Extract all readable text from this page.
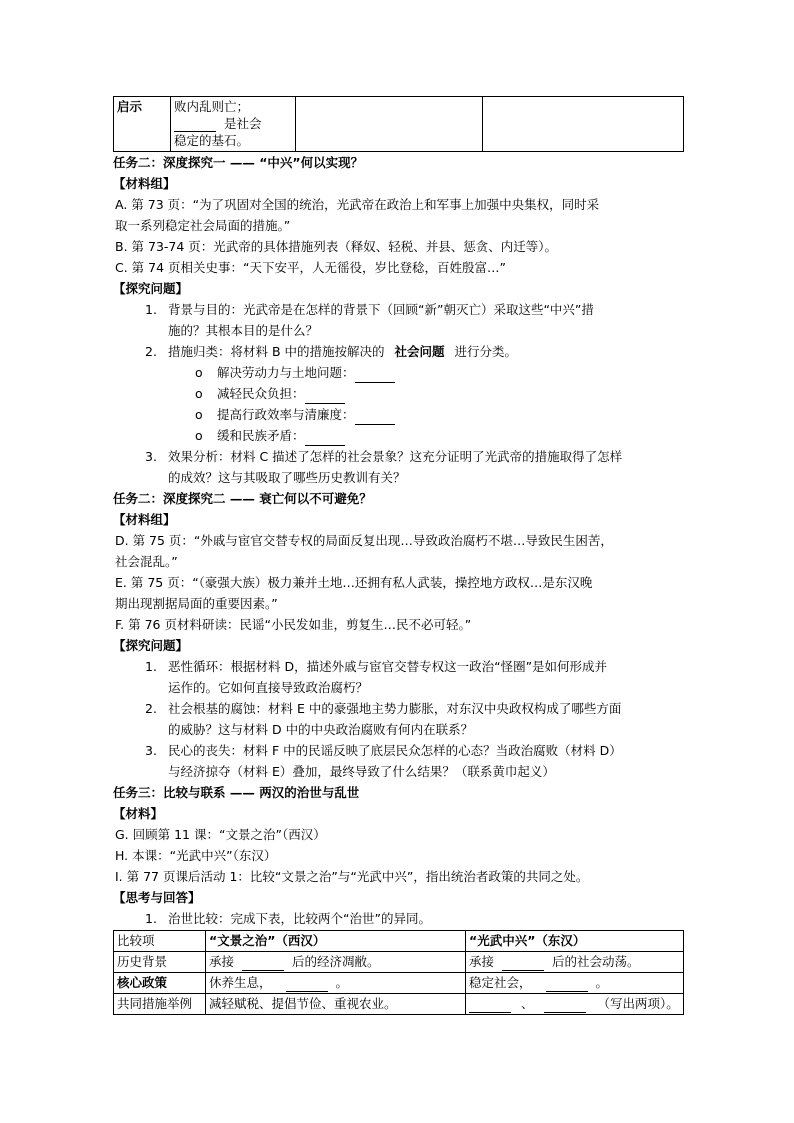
启示	败内乱则亡；
是社会
稳定的基石。

任务二：深度探究一 —— “中兴”何以实现？
【材料组】
A. 第 73 页：“为了巩固对全国的统治，光武帝在政治上和军事上加强中央集权，同时采
取一系列稳定社会局面的措施。”
B. 第 73-74 页：光武帝的具体措施列表（释奴、轻税、并县、惩贪、内迁等）。
C. 第 74 页相关史事：“天下安平，人无徭役，岁比登稔，百姓殷富…”
【探究问题】
1. 背景与目的：光武帝是在怎样的背景下（回顾“新”朝灭亡）采取这些“中兴”措
施的？其根本目的是什么？
2. 措施归类：将材料 B 中的措施按解决的 社会问题 进行分类。
o 解决劳动力与土地问题：
o 减轻民众负担：
o 提高行政效率与清廉度：
o 缓和民族矛盾：
3. 效果分析：材料 C 描述了怎样的社会景象？这充分证明了光武帝的措施取得了怎样
的成效？这与其吸取了哪些历史教训有关？
任务二：深度探究二 —— 衰亡何以不可避免？
【材料组】
D. 第 75 页：“外戚与宦官交替专权的局面反复出现…导致政治腐朽不堪…导致民生困苦，
社会混乱。”
E. 第 75 页：“（豪强大族）极力兼并土地…还拥有私人武装，操控地方政权…是东汉晚
期出现割据局面的重要因素。”
F. 第 76 页材料研读：民谣“小民发如韭，剪复生…民不必可轻。”
【探究问题】
1. 恶性循环：根据材料 D，描述外戚与宦官交替专权这一政治“怪圈”是如何形成并
运作的。它如何直接导致政治腐朽？
2. 社会根基的腐蚀：材料 E 中的豪强地主势力膨胀，对东汉中央政权构成了哪些方面
的威胁？这与材料 D 中的中央政治腐败有何内在联系？
3. 民心的丧失：材料 F 中的民谣反映了底层民众怎样的心态？当政治腐败（材料 D）
与经济掠夺（材料 E）叠加，最终导致了什么结果？（联系黄巾起义）
任务三：比较与联系 —— 两汉的治世与乱世
【材料】
G. 回顾第 11 课：“文景之治”（西汉）
H. 本课：“光武中兴”（东汉）
I. 第 77 页课后活动 1：比较“文景之治”与“光武中兴”，指出统治者政策的共同之处。
【思考与回答】
1. 治世比较：完成下表，比较两个“治世”的异同。
比较项	“文景之治”（西汉）	“光武中兴”（东汉）
历史背景	承接 后的经济凋敝。	承接 后的社会动荡。
核心政策	休养生息， 。	稳定社会， 。
共同措施举例	减轻赋税、提倡节俭、重视农业。	、 （写出两项）。
